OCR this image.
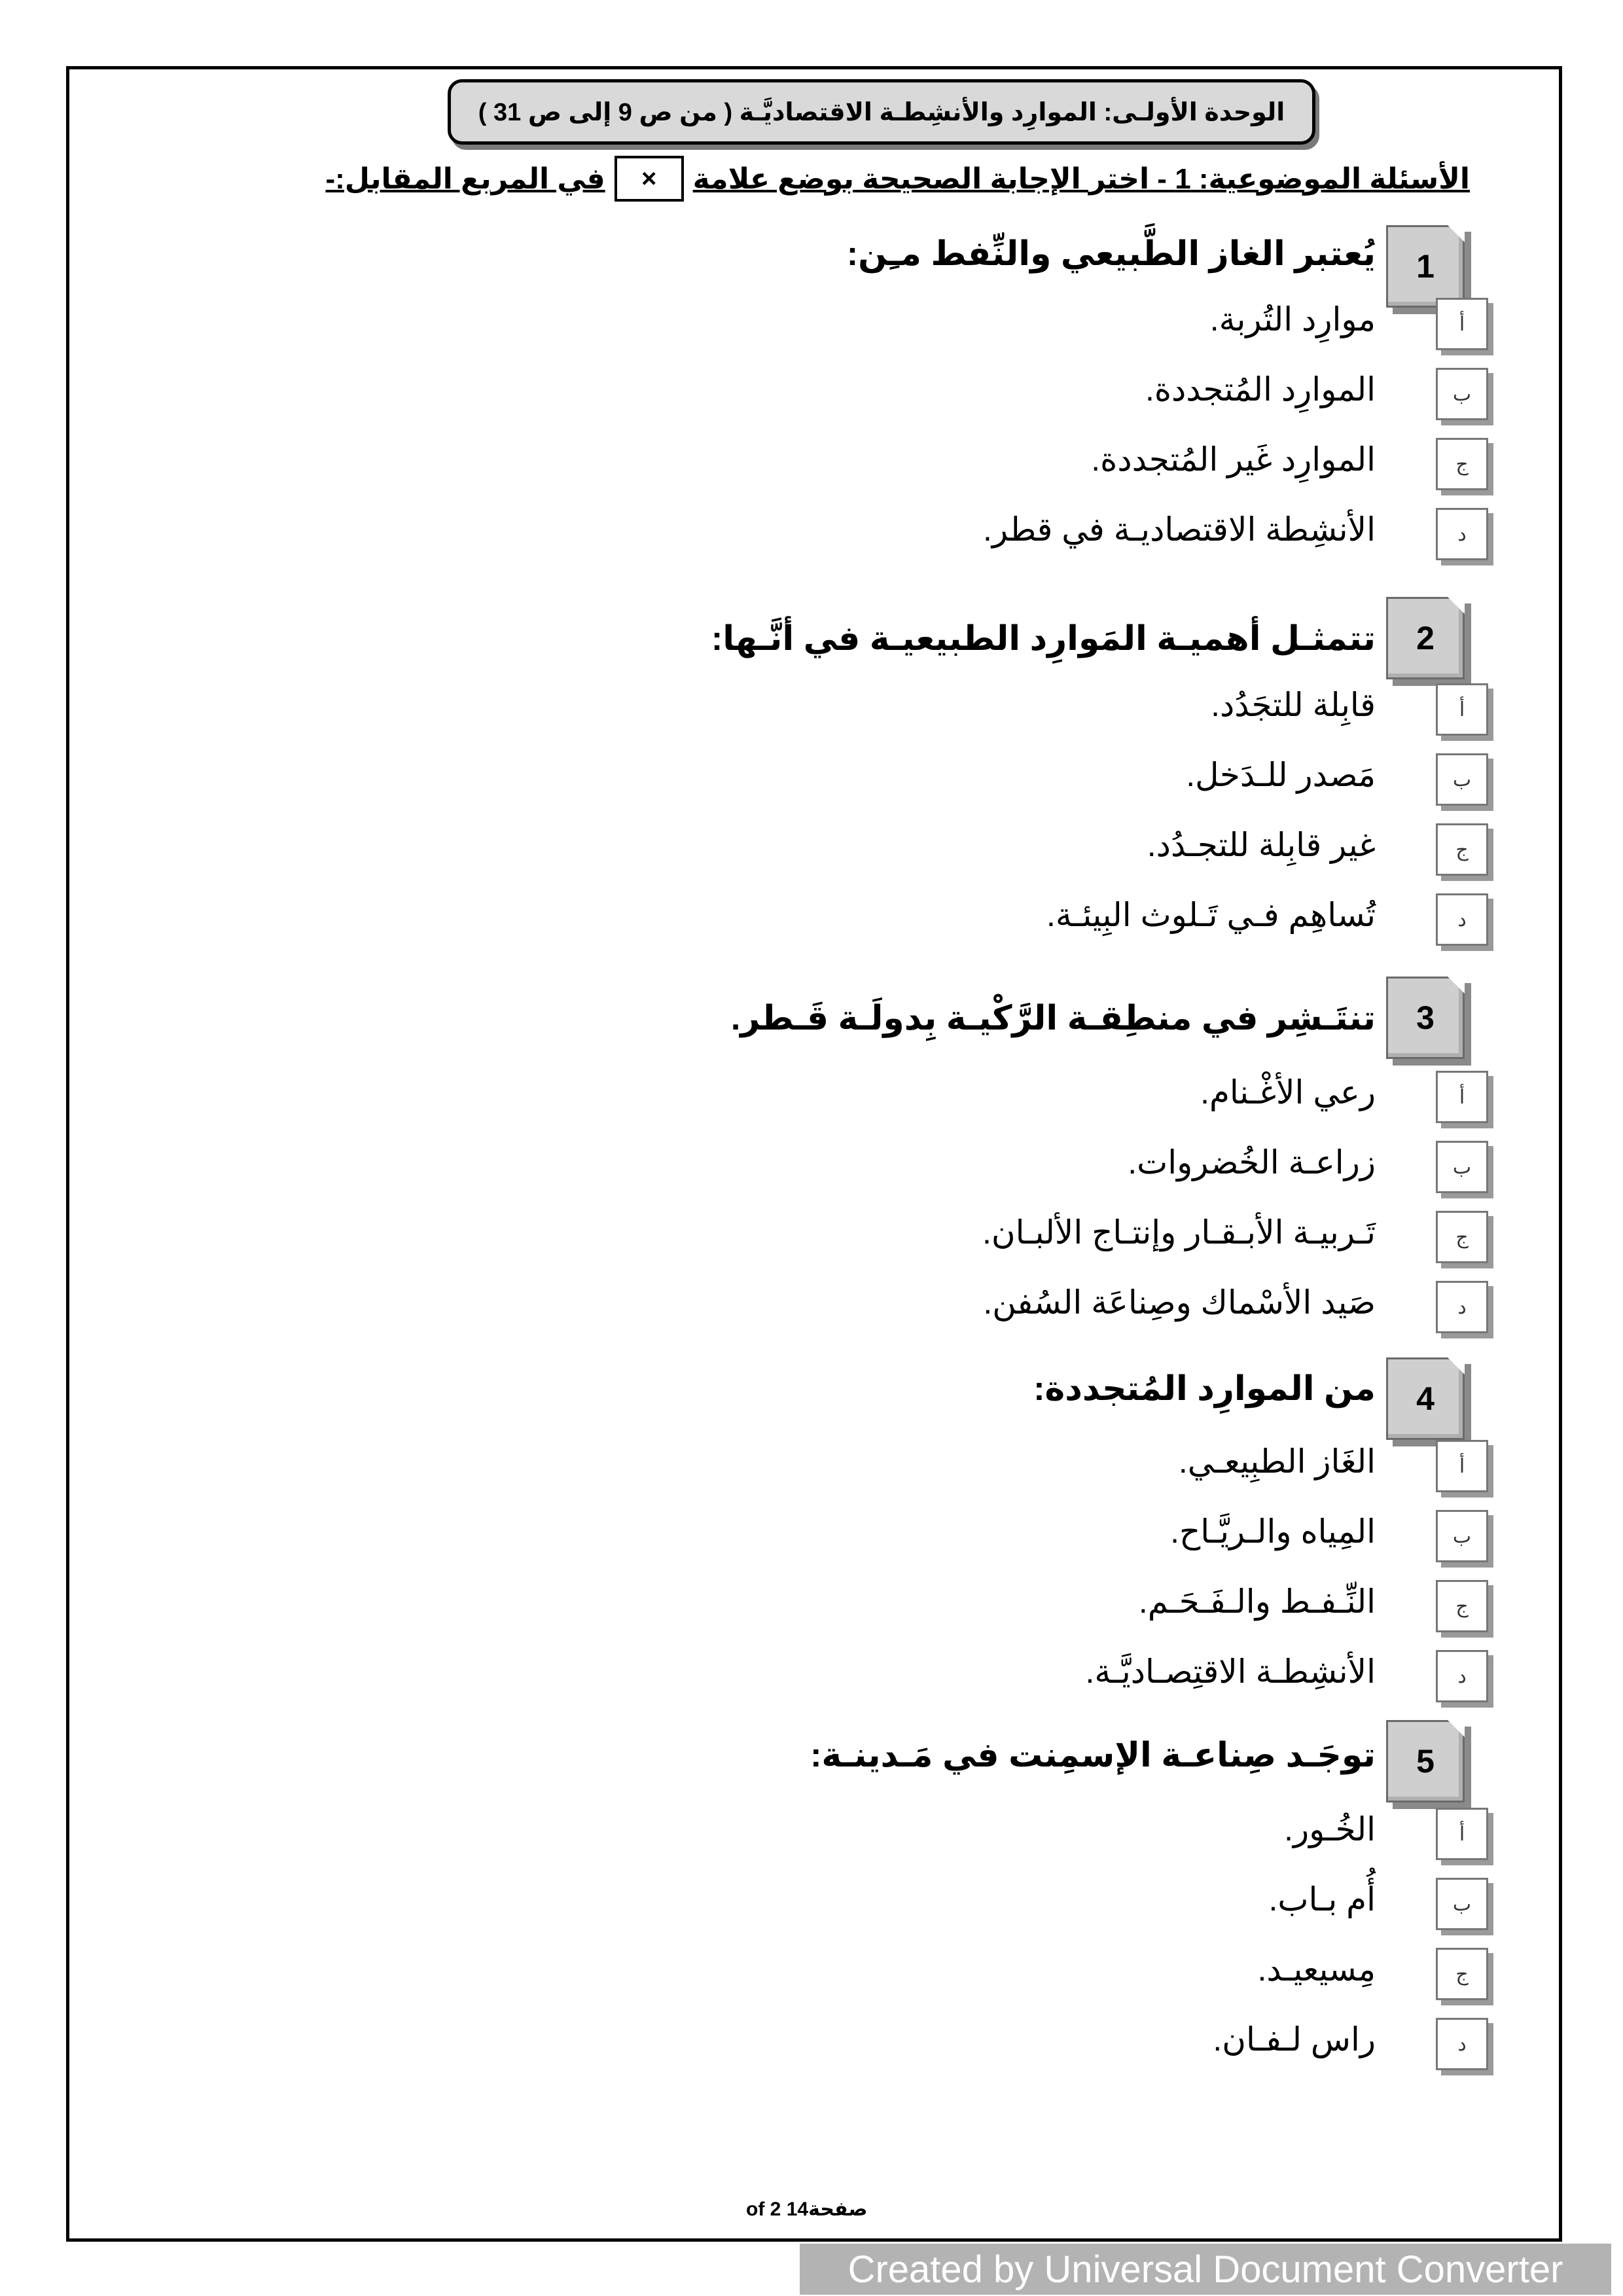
الوحدة الأولـى: الموارِد والأنشِطـة الاقتصاديَّـة ( من ص 9 إلى ص 31 )
الأسئلة الموضوعية: 1 - اختر الإجابة الصحيحة بوضع علامة
×
في المربع المقابل:-
1
يُعتبر الغاز الطَّبيعي والنِّفط مـِن:
أ
موارِد التُربة.
ب
الموارِد المُتجددة.
ج
الموارِد غَير المُتجددة.
د
الأنشِطة الاقتصاديـة في قطر.
2
تتمثـل أهميـة المَوارِد الطبيعيـة في أنَّـها:
أ
قابِلة للتجَدُد.
ب
مَصدر للـدَخل.
ج
غير قابِلة للتجـدُد.
د
تُساهِم فـي تَـلوث البِيئـة.
3
تنتَـشِر في منطِقـة الرَّكْيـة بِدولَـة قَـطر.
أ
رعي الأغْـنام.
ب
زراعـة الخُضروات.
ج
تَـربيـة الأبـقـار وإنتـاج الألبـان.
د
صَيد الأسْماك وصِناعَة السُفن.
4
من الموارِد المُتجددة:
أ
الغَاز الطبِيعـي.
ب
المِياه والـريَّـاح.
ج
النِّـفـط والـفَـحَـم.
د
الأنشِطـة الاقتِصـاديَّـة.
5
توجَـد صِناعـة الإسمِنت في مَـدينـة:
أ
الخُـور.
ب
أُم بـاب.
ج
مِسيعيـد.
د
راس لـفـان.
صفحة14 of 2
Created by Universal Document Converter
